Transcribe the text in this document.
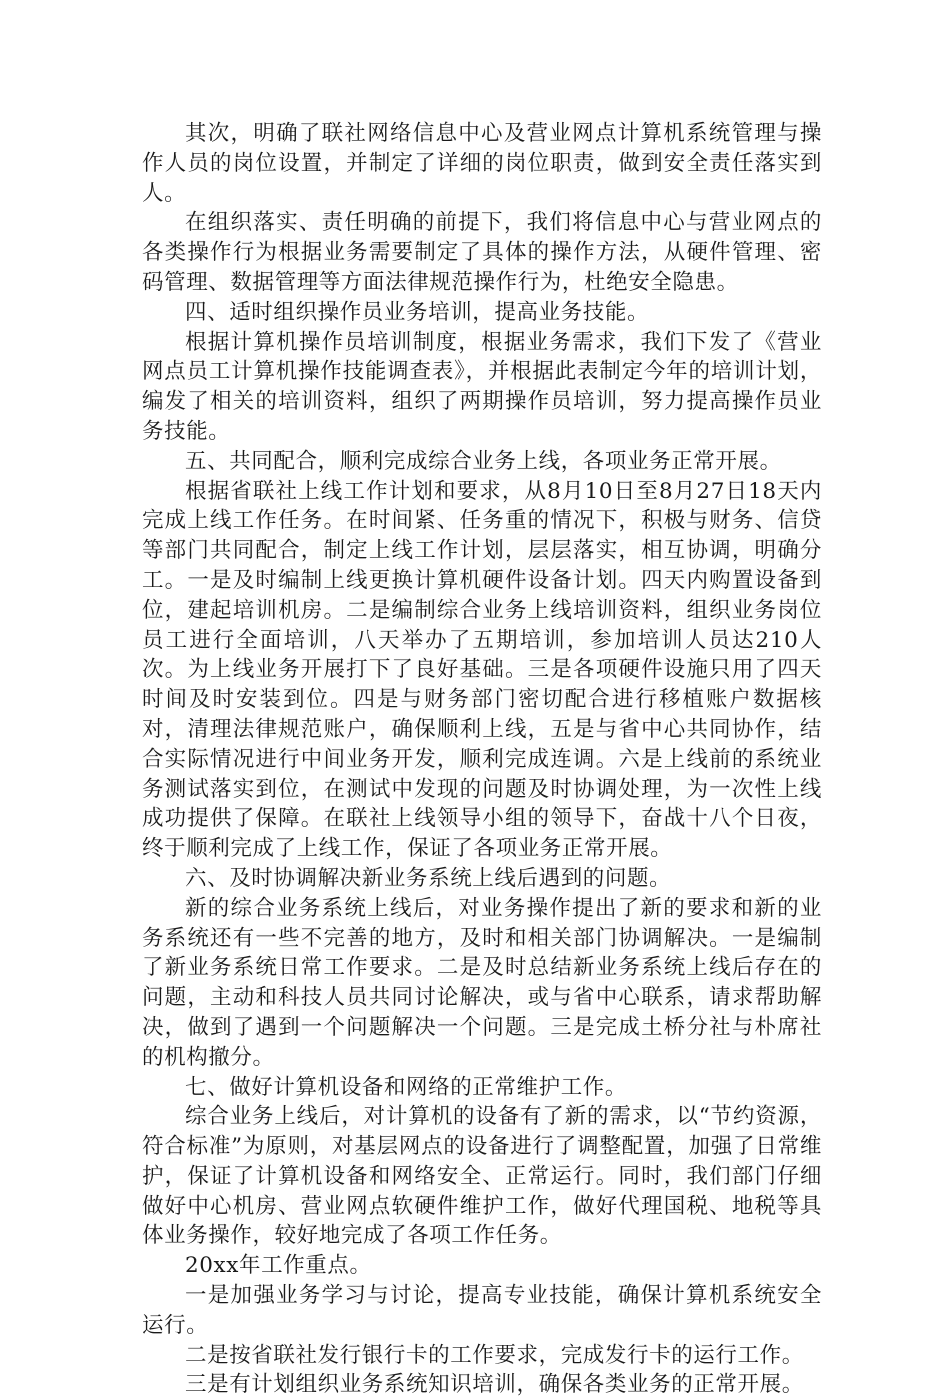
其次，明确了联社网络信息中心及营业网点计算机系统管理与操作人员的岗位设置，并制定了详细的岗位职责，做到安全责任落实到人。

在组织落实、责任明确的前提下，我们将信息中心与营业网点的各类操作行为根据业务需要制定了具体的操作方法，从硬件管理、密码管理、数据管理等方面法律规范操作行为，杜绝安全隐患。

四、适时组织操作员业务培训，提高业务技能。

根据计算机操作员培训制度，根据业务需求，我们下发了《营业网点员工计算机操作技能调查表》，并根据此表制定今年的培训计划，编发了相关的培训资料，组织了两期操作员培训，努力提高操作员业务技能。

五、共同配合，顺利完成综合业务上线，各项业务正常开展。

根据省联社上线工作计划和要求，从8月10日至8月27日18天内完成上线工作任务。在时间紧、任务重的情况下，积极与财务、信贷等部门共同配合，制定上线工作计划，层层落实，相互协调，明确分工。一是及时编制上线更换计算机硬件设备计划。四天内购置设备到位，建起培训机房。二是编制综合业务上线培训资料，组织业务岗位员工进行全面培训，八天举办了五期培训，参加培训人员达210人次。为上线业务开展打下了良好基础。三是各项硬件设施只用了四天时间及时安装到位。四是与财务部门密切配合进行移植账户数据核对，清理法律规范账户，确保顺利上线，五是与省中心共同协作，结合实际情况进行中间业务开发，顺利完成连调。六是上线前的系统业务测试落实到位，在测试中发现的问题及时协调处理，为一次性上线成功提供了保障。在联社上线领导小组的领导下，奋战十八个日夜，终于顺利完成了上线工作，保证了各项业务正常开展。

六、及时协调解决新业务系统上线后遇到的问题。

新的综合业务系统上线后，对业务操作提出了新的要求和新的业务系统还有一些不完善的地方，及时和相关部门协调解决。一是编制了新业务系统日常工作要求。二是及时总结新业务系统上线后存在的问题，主动和科技人员共同讨论解决，或与省中心联系，请求帮助解决，做到了遇到一个问题解决一个问题。三是完成土桥分社与朴席社的机构撤分。

七、做好计算机设备和网络的正常维护工作。

综合业务上线后，对计算机的设备有了新的需求，以“节约资源，符合标准”为原则，对基层网点的设备进行了调整配置，加强了日常维护，保证了计算机设备和网络安全、正常运行。同时，我们部门仔细做好中心机房、营业网点软硬件维护工作，做好代理国税、地税等具体业务操作，较好地完成了各项工作任务。

20xx年工作重点。

一是加强业务学习与讨论，提高专业技能，确保计算机系统安全运行。

二是按省联社发行银行卡的工作要求，完成发行卡的运行工作。

三是有计划组织业务系统知识培训，确保各类业务的正常开展。
